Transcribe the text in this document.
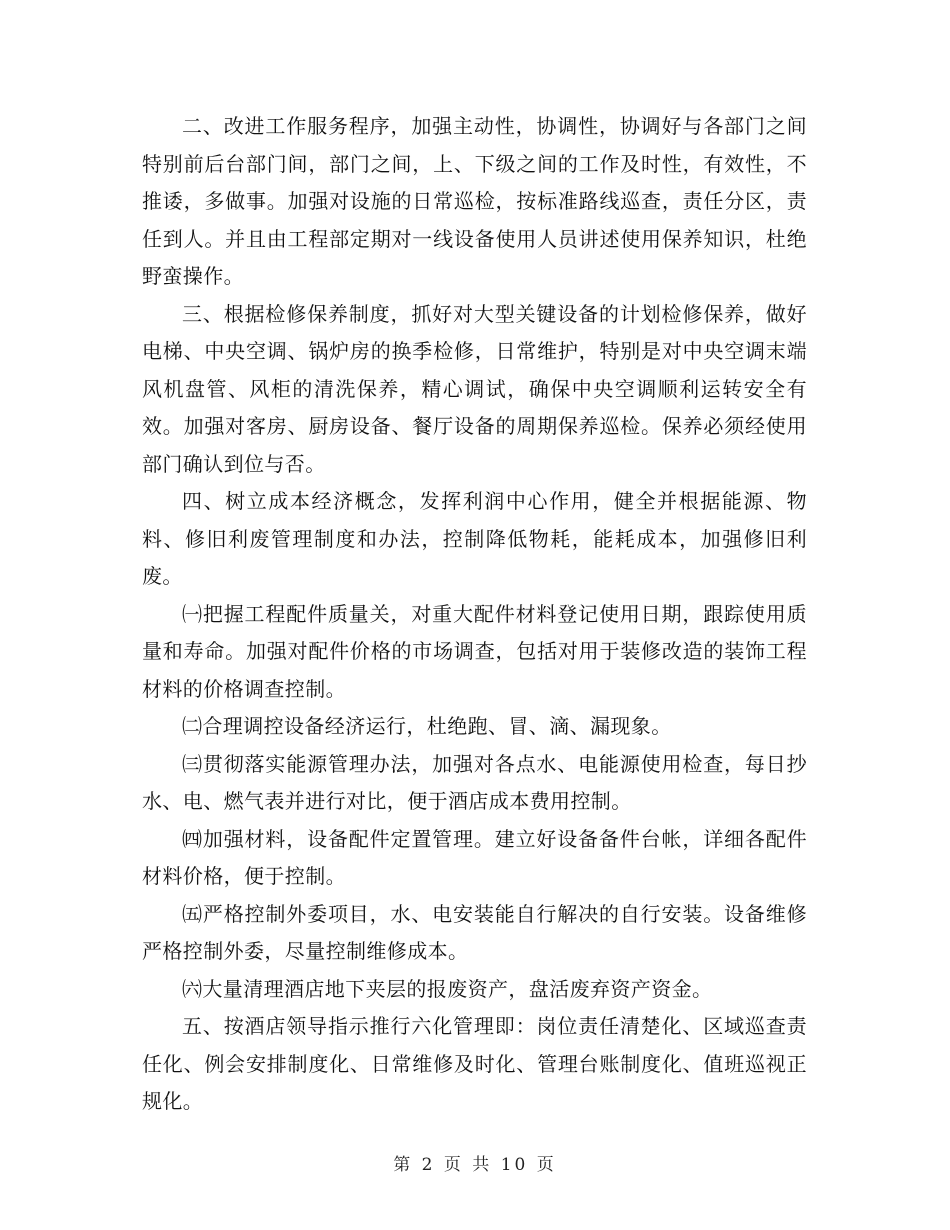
二、改进工作服务程序，加强主动性，协调性，协调好与各部门之间特别前后台部门间，部门之间，上、下级之间的工作及时性，有效性，不推诿，多做事。加强对设施的日常巡检，按标准路线巡查，责任分区，责任到人。并且由工程部定期对一线设备使用人员讲述使用保养知识，杜绝野蛮操作。

三、根据检修保养制度，抓好对大型关键设备的计划检修保养，做好电梯、中央空调、锅炉房的换季检修，日常维护，特别是对中央空调末端风机盘管、风柜的清洗保养，精心调试，确保中央空调顺利运转安全有效。加强对客房、厨房设备、餐厅设备的周期保养巡检。保养必须经使用部门确认到位与否。

四、树立成本经济概念，发挥利润中心作用，健全并根据能源、物料、修旧利废管理制度和办法，控制降低物耗，能耗成本，加强修旧利废。

㈠把握工程配件质量关，对重大配件材料登记使用日期，跟踪使用质量和寿命。加强对配件价格的市场调查，包括对用于装修改造的装饰工程材料的价格调查控制。

㈡合理调控设备经济运行，杜绝跑、冒、滴、漏现象。

㈢贯彻落实能源管理办法，加强对各点水、电能源使用检查，每日抄水、电、燃气表并进行对比，便于酒店成本费用控制。

㈣加强材料，设备配件定置管理。建立好设备备件台帐，详细各配件材料价格，便于控制。

㈤严格控制外委项目，水、电安装能自行解决的自行安装。设备维修严格控制外委，尽量控制维修成本。

㈥大量清理酒店地下夹层的报废资产，盘活废弃资产资金。

五、按酒店领导指示推行六化管理即：岗位责任清楚化、区域巡查责任化、例会安排制度化、日常维修及时化、管理台账制度化、值班巡视正规化。

第 2 页 共 10 页
